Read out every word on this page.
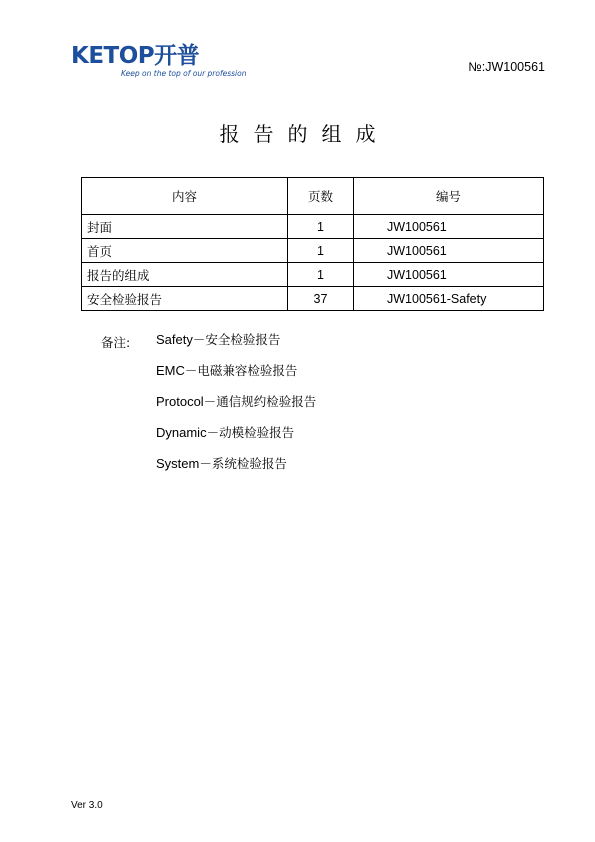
KETOP开普
Keep on the top of our profession	№:JW100561
报告的组成
内容	页数	编号
封面	1	JW100561
首页	1	JW100561
报告的组成	1	JW100561
安全检验报告	37	JW100561-Safety
备注: Safety－安全检验报告
EMC－电磁兼容检验报告
Protocol－通信规约检验报告
Dynamic－动模检验报告
System－系统检验报告
Ver 3.0
